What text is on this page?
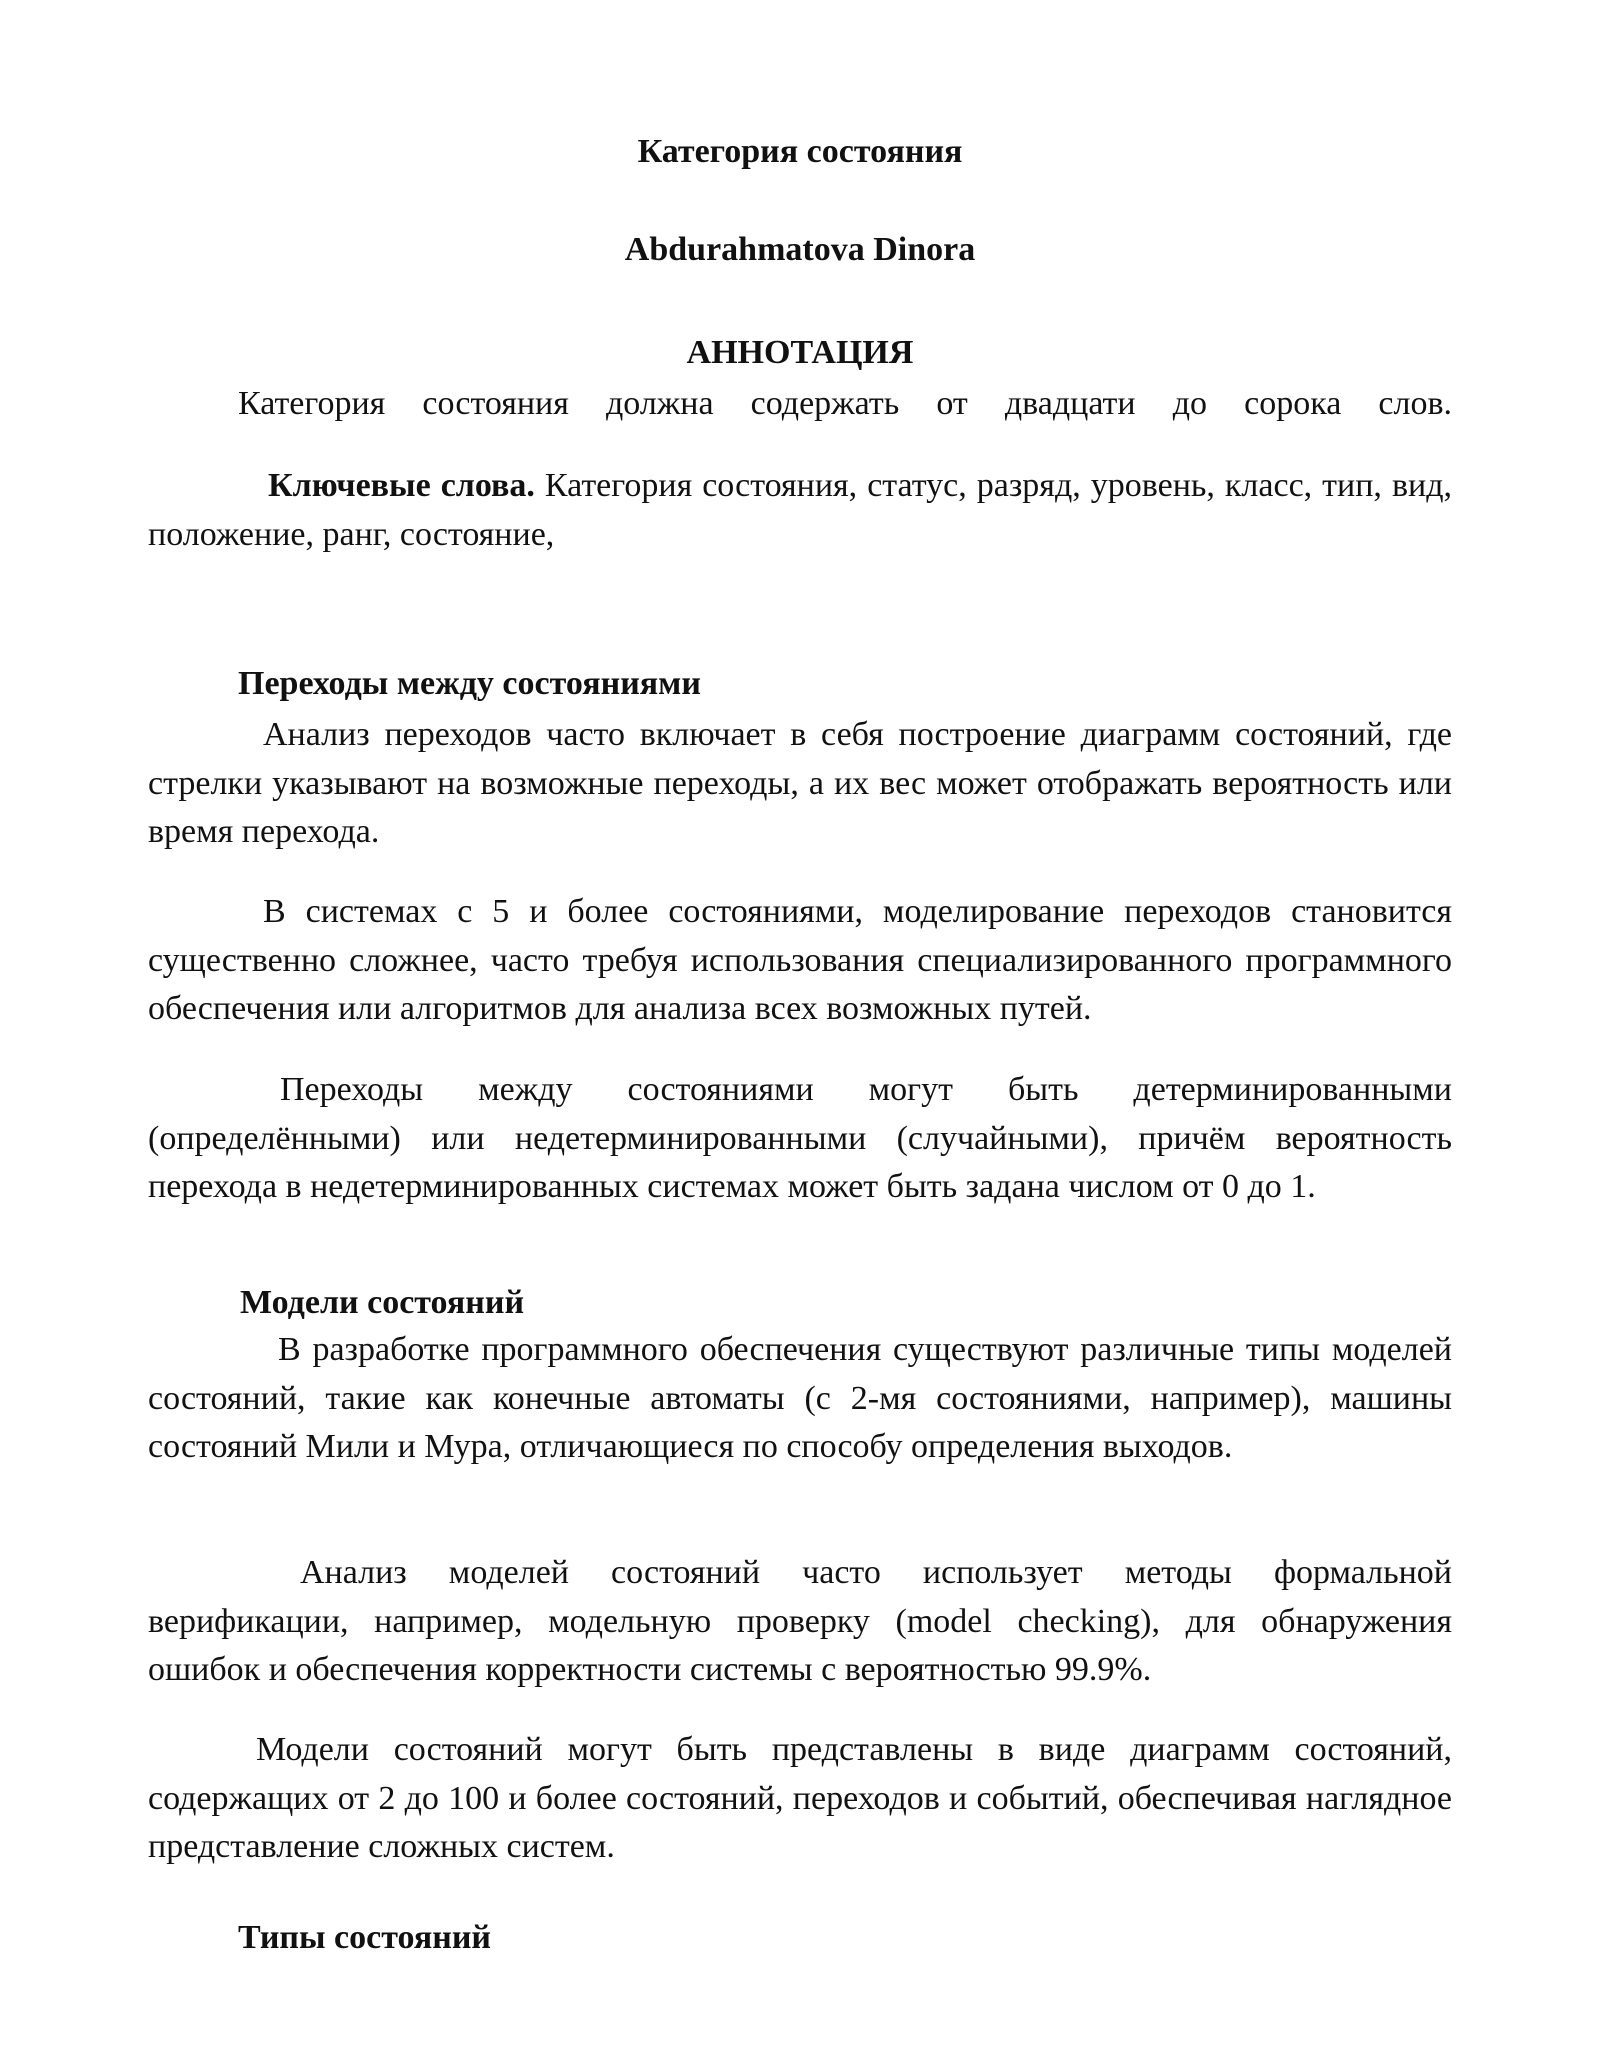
Категория состояния
Abdurahmatova Dinora
АННОТАЦИЯ

Категория состояния должна содержать от двадцати до сорока слов.

Ключевые слова. Категория состояния, статус, разряд, уровень, класс, тип, вид, положение, ранг, состояние,

Переходы между состояниями

Анализ переходов часто включает в себя построение диаграмм состояний, где стрелки указывают на возможные переходы, а их вес может отображать вероятность или время перехода.

В системах с 5 и более состояниями, моделирование переходов становится существенно сложнее, часто требуя использования специализированного программного обеспечения или алгоритмов для анализа всех возможных путей.

Переходы между состояниями могут быть детерминированными (определёнными) или недетерминированными (случайными), причём вероятность перехода в недетерминированных системах может быть задана числом от 0 до 1.

Модели состояний

В разработке программного обеспечения существуют различные типы моделей состояний, такие как конечные автоматы (с 2-мя состояниями, например), машины состояний Мили и Мура, отличающиеся по способу определения выходов.

Анализ моделей состояний часто использует методы формальной верификации, например, модельную проверку (model checking), для обнаружения ошибок и обеспечения корректности системы с вероятностью 99.9%.

Модели состояний могут быть представлены в виде диаграмм состояний, содержащих от 2 до 100 и более состояний, переходов и событий, обеспечивая наглядное представление сложных систем.

Типы состояний
